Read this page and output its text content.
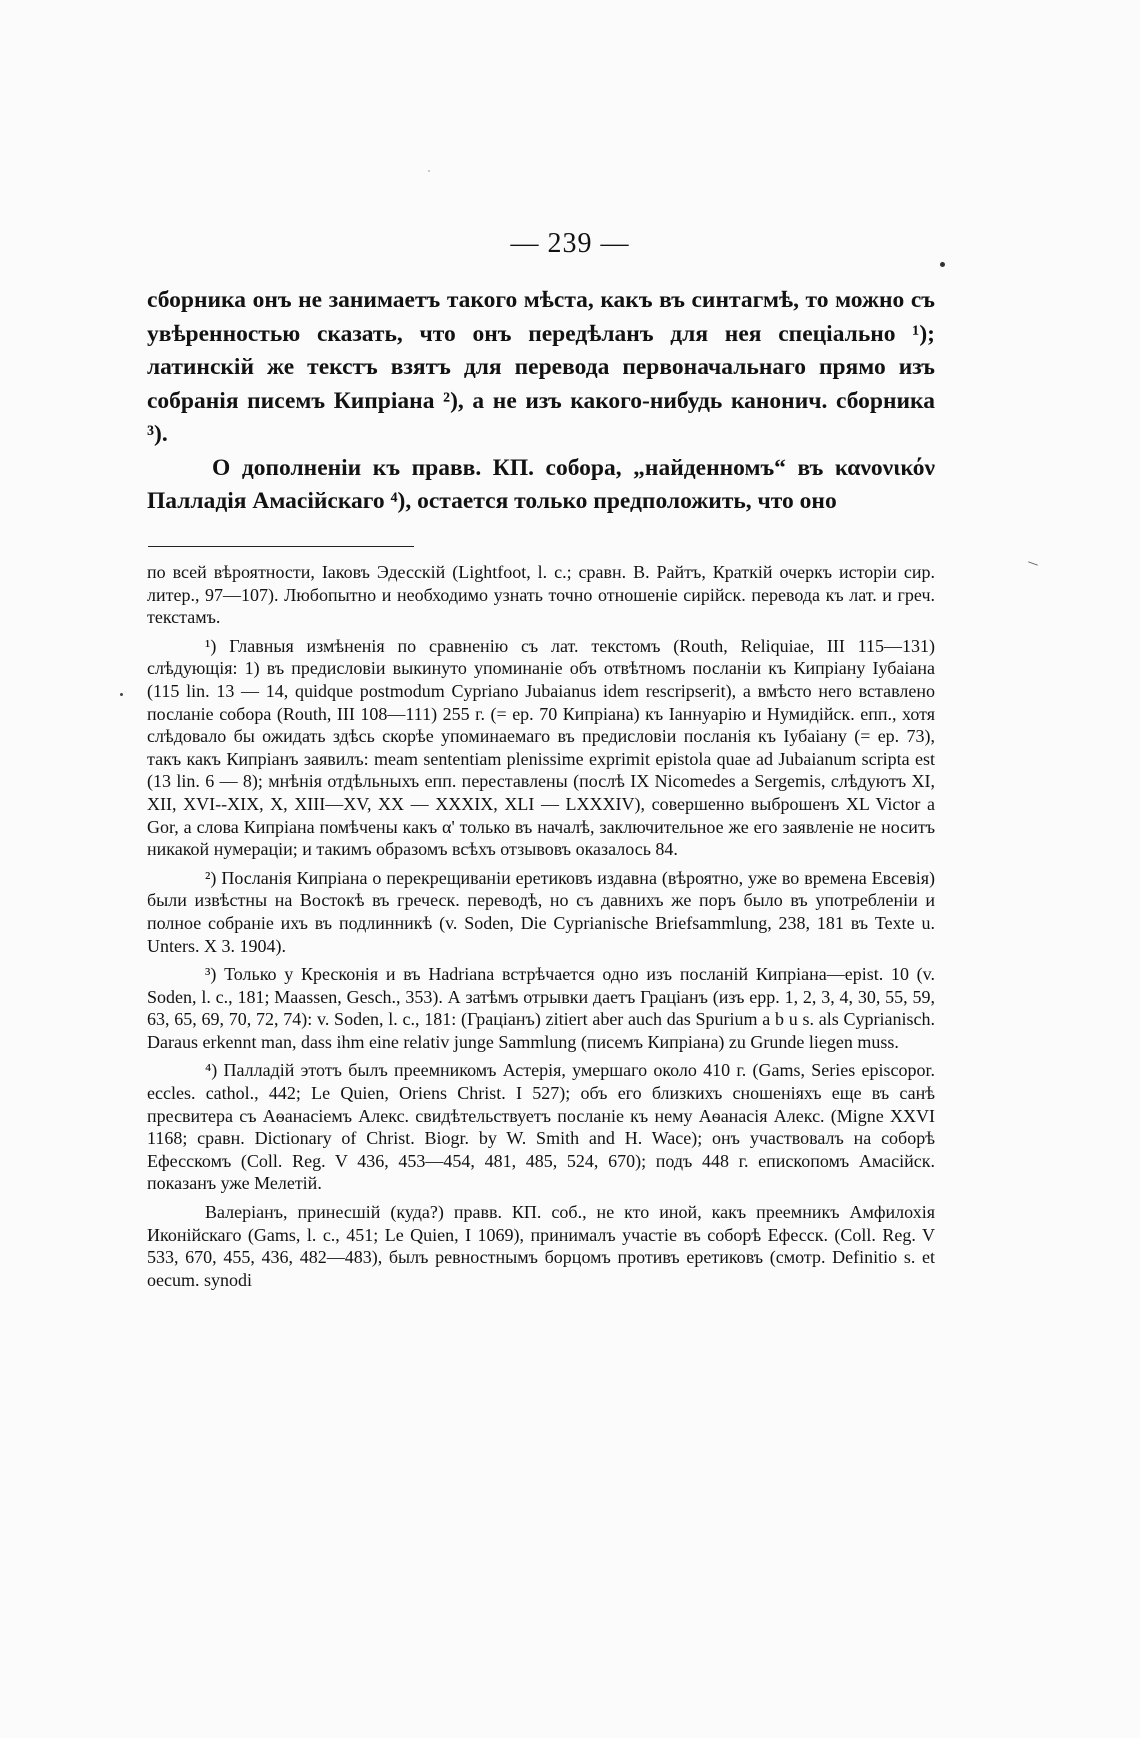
— 239 —

сборника онъ не занимаетъ такого мѣста, какъ въ синтагмѣ, то можно съ увѣренностью сказать, что онъ передѣланъ для нея спеціально ¹); латинскій же текстъ взятъ для перевода первоначальнаго прямо изъ собранія писемъ Кипріана ²), а не изъ какого-нибудь канонич. сборника ³).

О дополненіи къ правв. КП. собора, „найденномъ“ въ κανονικόν Палладія Амасійскаго ⁴), остается только предположить, что оно

по всей вѣроятности, Іаковъ Эдесскій (Lightfoot, l. c.; сравн. В. Райтъ, Краткій очеркъ исторіи сир. литер., 97—107). Любопытно и необходимо узнать точно отношеніе сирійск. перевода къ лат. и греч. текстамъ.

¹) Главныя измѣненія по сравненію съ лат. текстомъ (Routh, Reliquiae, III 115—131) слѣдующія: 1) въ предисловіи выкинуто упоминаніе объ отвѣтномъ посланіи къ Кипріану Іубаіана (115 lin. 13 — 14, quidque postmodum Cypriano Jubaianus idem rescripserit), а вмѣсто него вставлено посланіе собора (Routh, III 108—111) 255 г. (= ер. 70 Кипріана) къ Іаннуарію и Нумидійск. епп., хотя слѣдовало бы ожидать здѣсь скорѣе упоминаемаго въ предисловіи посланія къ Іубаіану (= ер. 73), такъ какъ Кипріанъ заявилъ: meam sententiam plenissime exprimit epistola quae ad Jubaianum scripta est (13 lin. 6 — 8); мнѣнія отдѣльныхъ епп. переставлены (послѣ IX Nicomedes a Sergemis, слѣдуютъ XI, XII, XVI--XIX, X, XIII—XV, XX — XXXIX, XLI — LXXXIV), совершенно выброшенъ XL Victor a Gor, а слова Кипріана помѣчены какъ α' только въ началѣ, заключительное же его заявленіе не носитъ никакой нумераціи; и такимъ образомъ всѣхъ отзывовъ оказалось 84.

²) Посланія Кипріана о перекрещиваніи еретиковъ издавна (вѣроятно, уже во времена Евсевія) были извѣстны на Востокѣ въ греческ. переводѣ, но съ давнихъ же поръ было въ употребленіи и полное собраніе ихъ въ подлинникѣ (v. Soden, Die Cyprianische Briefsammlung, 238, 181 въ Texte u. Unters. X 3. 1904).

³) Только у Кресконія и въ Hadriana встрѣчается одно изъ посланій Кипріана—epist. 10 (v. Soden, l. c., 181; Maassen, Gesch., 353). А затѣмъ отрывки даетъ Граціанъ (изъ epp. 1, 2, 3, 4, 30, 55, 59, 63, 65, 69, 70, 72, 74): v. Soden, l. c., 181: (Граціанъ) zitiert aber auch das Spurium a b u s. als Cyprianisch. Daraus erkennt man, dass ihm eine relativ junge Sammlung (писемъ Кипріана) zu Grunde liegen muss.

⁴) Палладій этотъ былъ преемникомъ Астерія, умершаго около 410 г. (Gams, Series episcopor. eccles. cathol., 442; Le Quien, Oriens Christ. I 527); объ его близкихъ сношеніяхъ еще въ санѣ пресвитера съ Аѳанасіемъ Алекс. свидѣтельствуетъ посланіе къ нему Аѳанасія Алекс. (Migne XXVI 1168; сравн. Dictionary of Christ. Biogr. by W. Smith and H. Wace); онъ участвовалъ на соборѣ Ефесскомъ (Coll. Reg. V 436, 453—454, 481, 485, 524, 670); подъ 448 г. епископомъ Амасійск. показанъ уже Мелетій.

Валеріанъ, принесшій (куда?) правв. КП. соб., не кто иной, какъ преемникъ Амфилохія Иконійскаго (Gams, l. c., 451; Le Quien, I 1069), принималъ участіе въ соборѣ Ефесск. (Coll. Reg. V 533, 670, 455, 436, 482—483), былъ ревностнымъ борцомъ противъ еретиковъ (смотр. Definitio s. et oecum. synodi
